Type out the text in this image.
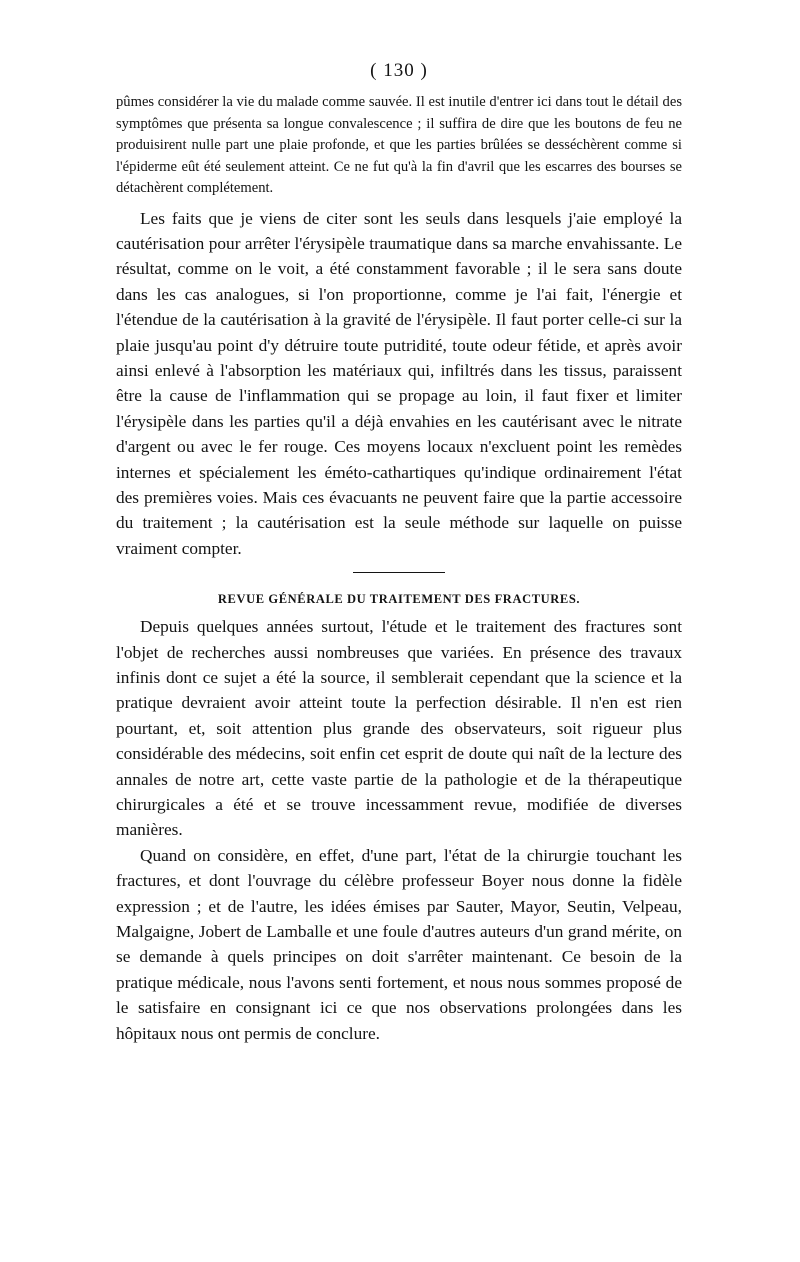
( 130 )

pûmes considérer la vie du malade comme sauvée. Il est inutile d'entrer ici dans tout le détail des symptômes que présenta sa longue convalescence ; il suffira de dire que les boutons de feu ne produisirent nulle part une plaie profonde, et que les parties brûlées se desséchèrent comme si l'épiderme eût été seulement atteint. Ce ne fut qu'à la fin d'avril que les escarres des bourses se détachèrent complétement.

Les faits que je viens de citer sont les seuls dans lesquels j'aie employé la cautérisation pour arrêter l'érysipèle traumatique dans sa marche envahissante. Le résultat, comme on le voit, a été constamment favorable ; il le sera sans doute dans les cas analogues, si l'on proportionne, comme je l'ai fait, l'énergie et l'étendue de la cautérisation à la gravité de l'érysipèle. Il faut porter celle-ci sur la plaie jusqu'au point d'y détruire toute putridité, toute odeur fétide, et après avoir ainsi enlevé à l'absorption les matériaux qui, infiltrés dans les tissus, paraissent être la cause de l'inflammation qui se propage au loin, il faut fixer et limiter l'érysipèle dans les parties qu'il a déjà envahies en les cautérisant avec le nitrate d'argent ou avec le fer rouge. Ces moyens locaux n'excluent point les remèdes internes et spécialement les éméto-cathartiques qu'indique ordinairement l'état des premières voies. Mais ces évacuants ne peuvent faire que la partie accessoire du traitement ; la cautérisation est la seule méthode sur laquelle on puisse vraiment compter.

REVUE GÉNÉRALE DU TRAITEMENT DES FRACTURES.

Depuis quelques années surtout, l'étude et le traitement des fractures sont l'objet de recherches aussi nombreuses que variées. En présence des travaux infinis dont ce sujet a été la source, il semblerait cependant que la science et la pratique devraient avoir atteint toute la perfection désirable. Il n'en est rien pourtant, et, soit attention plus grande des observateurs, soit rigueur plus considérable des médecins, soit enfin cet esprit de doute qui naît de la lecture des annales de notre art, cette vaste partie de la pathologie et de la thérapeutique chirurgicales a été et se trouve incessamment revue, modifiée de diverses manières.

Quand on considère, en effet, d'une part, l'état de la chirurgie touchant les fractures, et dont l'ouvrage du célèbre professeur Boyer nous donne la fidèle expression ; et de l'autre, les idées émises par Sauter, Mayor, Seutin, Velpeau, Malgaigne, Jobert de Lamballe et une foule d'autres auteurs d'un grand mérite, on se demande à quels principes on doit s'arrêter maintenant. Ce besoin de la pratique médicale, nous l'avons senti fortement, et nous nous sommes proposé de le satisfaire en consignant ici ce que nos observations prolongées dans les hôpitaux nous ont permis de conclure.
